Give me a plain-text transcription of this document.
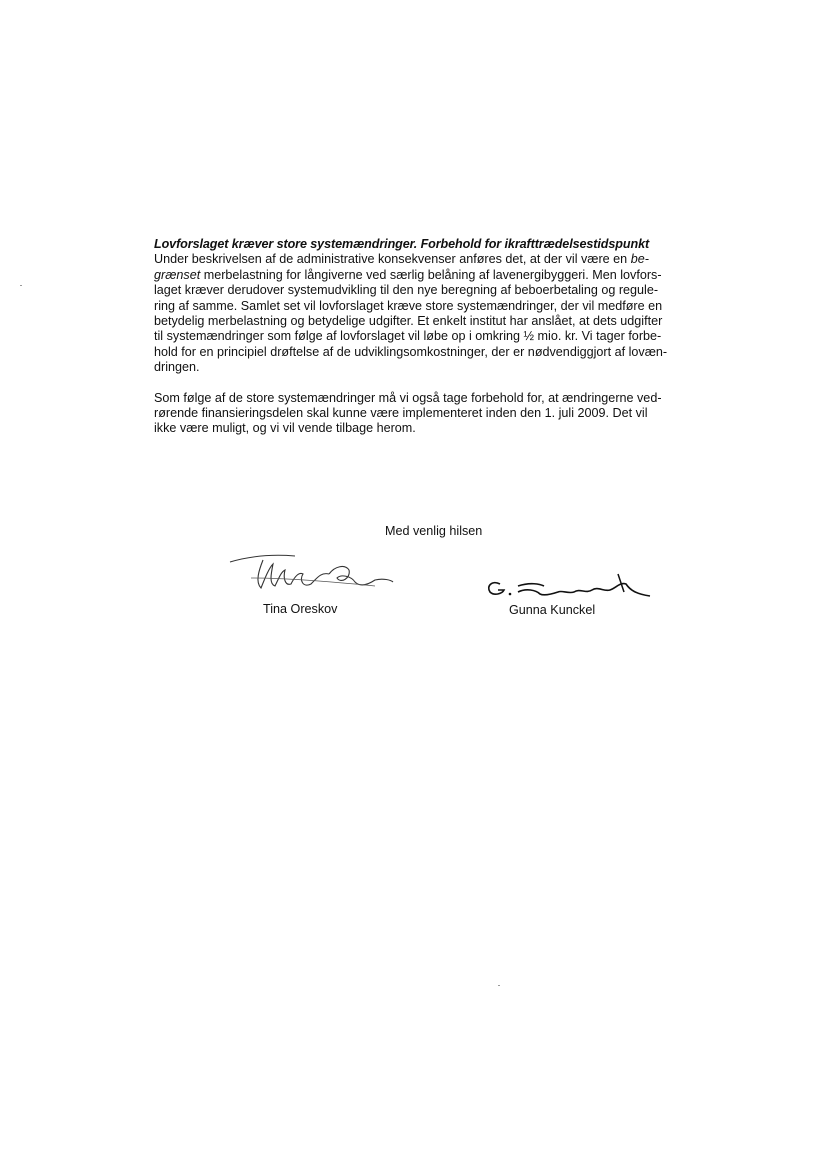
Lovforslaget kræver store systemændringer. Forbehold for ikrafttrædelsestidspunkt
Under beskrivelsen af de administrative konsekvenser anføres det, at der vil være en be-
grænset merbelastning for långiverne ved særlig belåning af lavenergibyggeri. Men lovfors-
laget kræver derudover systemudvikling til den nye beregning af beboerbetaling og regule-
ring af samme. Samlet set vil lovforslaget kræve store systemændringer, der vil medføre en
betydelig merbelastning og betydelige udgifter. Et enkelt institut har anslået, at dets udgifter
til systemændringer som følge af lovforslaget vil løbe op i omkring ½ mio. kr. Vi tager forbe-
hold for en principiel drøftelse af de udviklingsomkostninger, der er nødvendiggjort af lovæn-
dringen.
Som følge af de store systemændringer må vi også tage forbehold for, at ændringerne ved-
rørende finansieringsdelen skal kunne være implementeret inden den 1. juli 2009. Det vil
ikke være muligt, og vi vil vende tilbage herom.
Med venlig hilsen
Tina Oreskov	Gunna Kunckel
